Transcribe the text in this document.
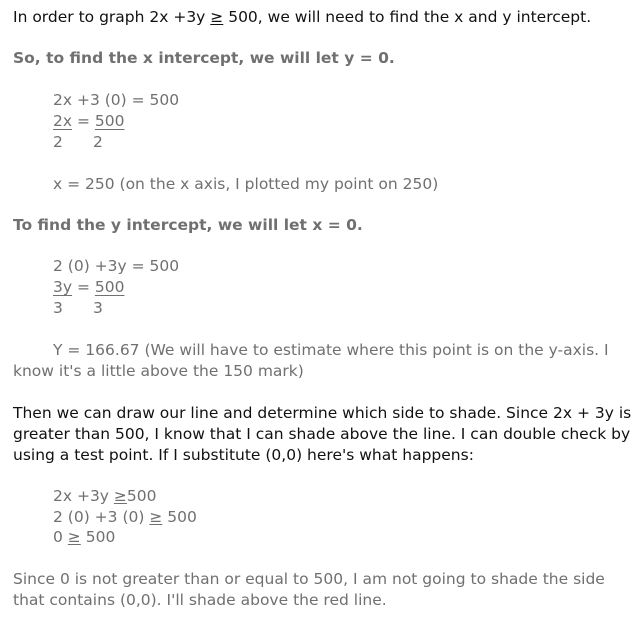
In order to graph 2x +3y ≥ 500, we will need to find the x and y intercept.
So, to find the x intercept, we will let y = 0.
2x +3 (0) = 500
2x = 500
2 2
x = 250 (on the x axis, I plotted my point on 250)
To find the y intercept, we will let x = 0.
2 (0) +3y = 500
3y = 500
3 3
Y = 166.67 (We will have to estimate where this point is on the y-axis. I know it's a little above the 150 mark)
Then we can draw our line and determine which side to shade. Since 2x + 3y is greater than 500, I know that I can shade above the line. I can double check by using a test point. If I substitute (0,0) here's what happens:
2x +3y ≥500
2 (0) +3 (0) ≥ 500
0 ≥ 500
Since 0 is not greater than or equal to 500, I am not going to shade the side that contains (0,0). I'll shade above the red line.
